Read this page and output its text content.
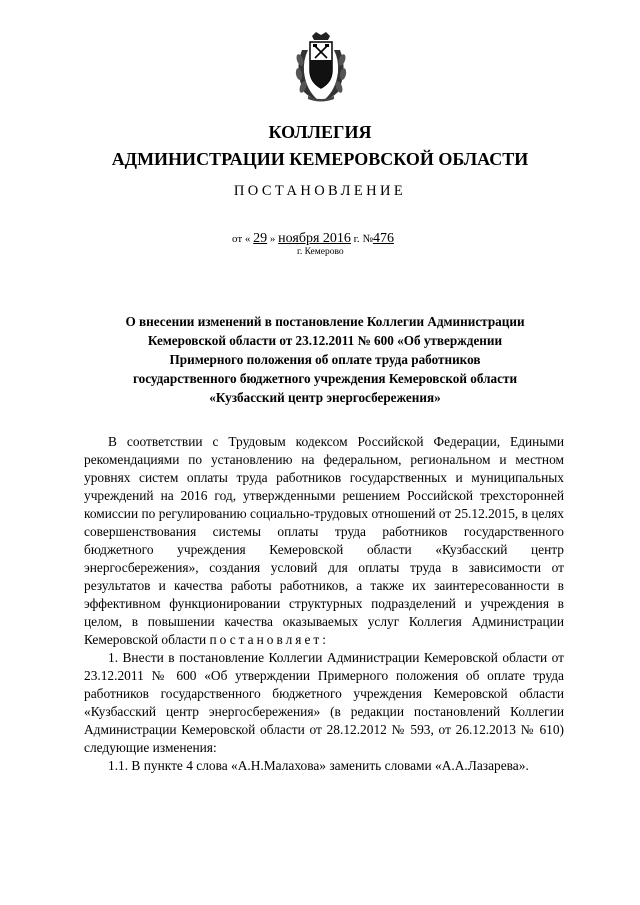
КОЛЛЕГИЯ
АДМИНИСТРАЦИИ КЕМЕРОВСКОЙ ОБЛАСТИ
ПОСТАНОВЛЕНИЕ
от « 29 » ноября 2016 г. №476
г. Кемерово
О внесении изменений в постановление Коллегии Администрации
Кемеровской области от 23.12.2011 № 600 «Об утверждении
Примерного положения об оплате труда работников
государственного бюджетного учреждения Кемеровской области
«Кузбасский центр энергосбережения»

В соответствии с Трудовым кодексом Российской Федерации, Едиными рекомендациями по установлению на федеральном, региональном и местном уровнях систем оплаты труда работников государственных и муниципальных учреждений на 2016 год, утвержденными решением Российской трехсторонней комиссии по регулированию социально-трудовых отношений от 25.12.2015, в целях совершенствования системы оплаты труда работников государственного бюджетного учреждения Кемеровской области «Кузбасский центр энергосбережения», создания условий для оплаты труда в зависимости от результатов и качества работы работников, а также их заинтересованности в эффективном функционировании структурных подразделений и учреждения в целом, в повышении качества оказываемых услуг Коллегия Администрации Кемеровской области постановляет:

1. Внести в постановление Коллегии Администрации Кемеровской области от 23.12.2011 № 600 «Об утверждении Примерного положения об оплате труда работников государственного бюджетного учреждения Кемеровской области «Кузбасский центр энергосбережения» (в редакции постановлений Коллегии Администрации Кемеровской области от 28.12.2012 № 593, от 26.12.2013 № 610) следующие изменения:

1.1. В пункте 4 слова «А.Н.Малахова» заменить словами «А.А.Лазарева».
